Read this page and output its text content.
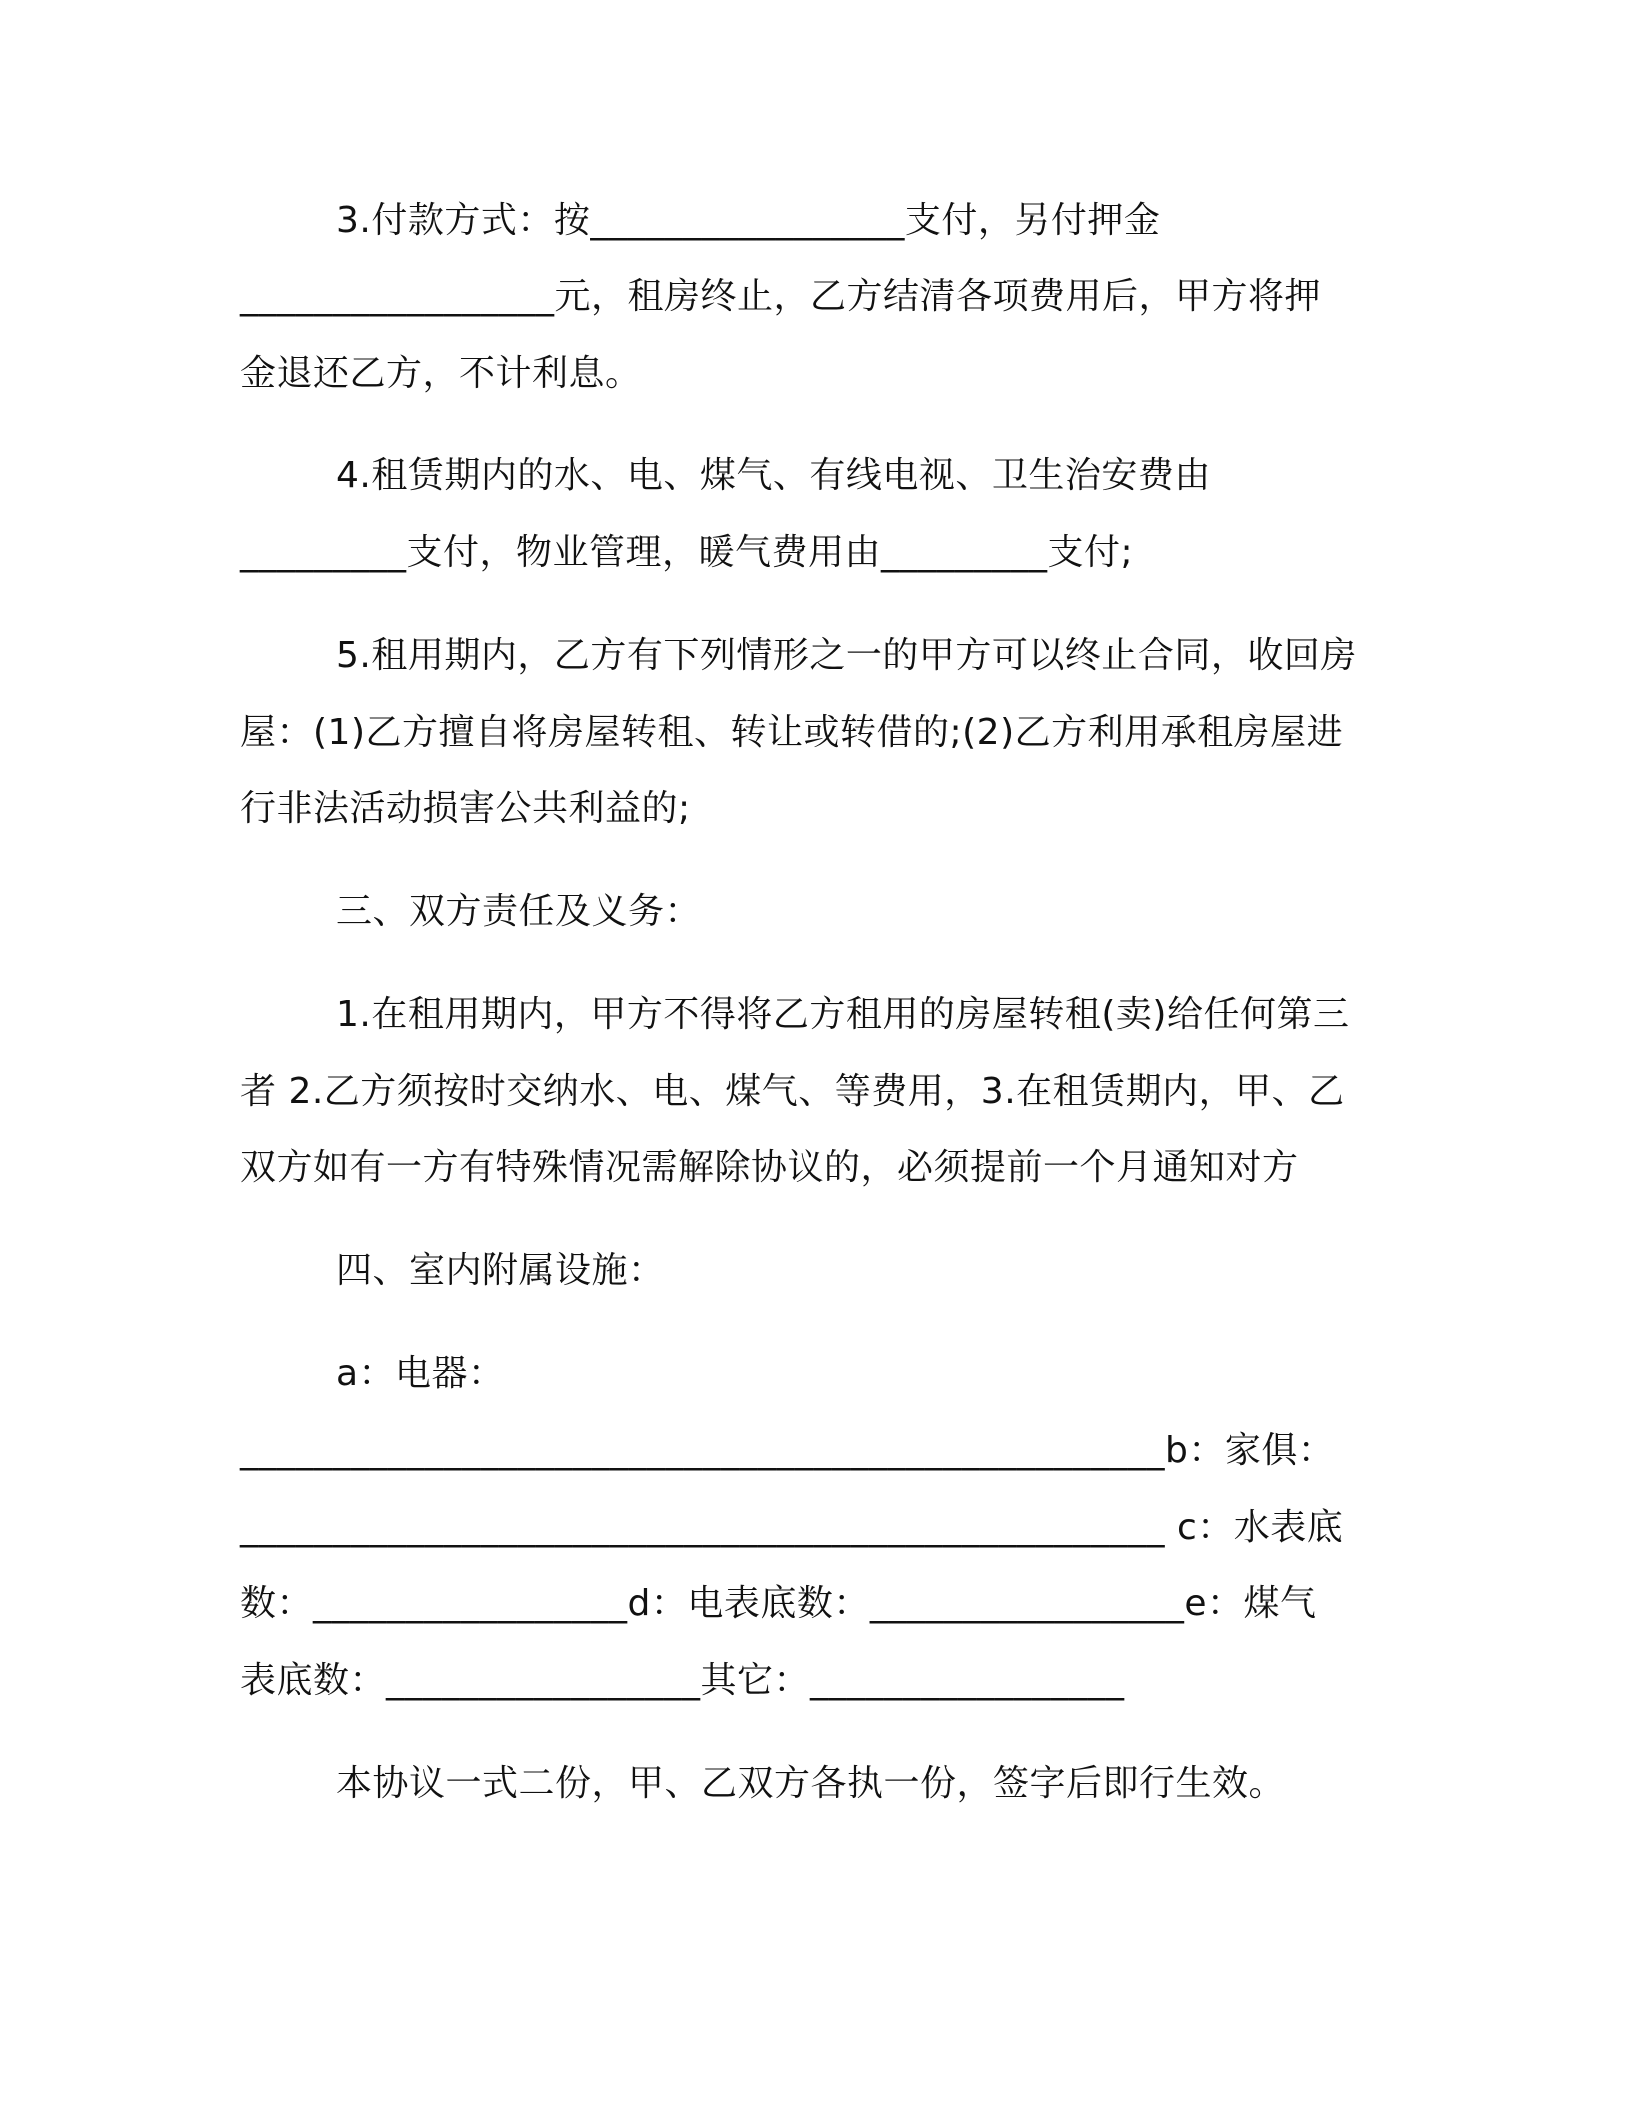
3.付款方式：按_________________支付，另付押金
_________________元，租房终止，乙方结清各项费用后，甲方将押
金退还乙方，不计利息。
4.租赁期内的水、电、煤气、有线电视、卫生治安费由
_________支付，物业管理，暖气费用由_________支付;
5.租用期内，乙方有下列情形之一的甲方可以终止合同，收回房
屋：(1)乙方擅自将房屋转租、转让或转借的;(2)乙方利用承租房屋进
行非法活动损害公共利益的;
三、双方责任及义务：
1.在租用期内，甲方不得将乙方租用的房屋转租(卖)给任何第三
者 2.乙方须按时交纳水、电、煤气、等费用，3.在租赁期内，甲、乙
双方如有一方有特殊情况需解除协议的，必须提前一个月通知对方
四、室内附属设施：
a：电器：
__________________________________________________b：家俱：
__________________________________________________ c：水表底
数：_________________d：电表底数：_________________e：煤气
表底数：_________________其它：_________________
本协议一式二份，甲、乙双方各执一份，签字后即行生效。
